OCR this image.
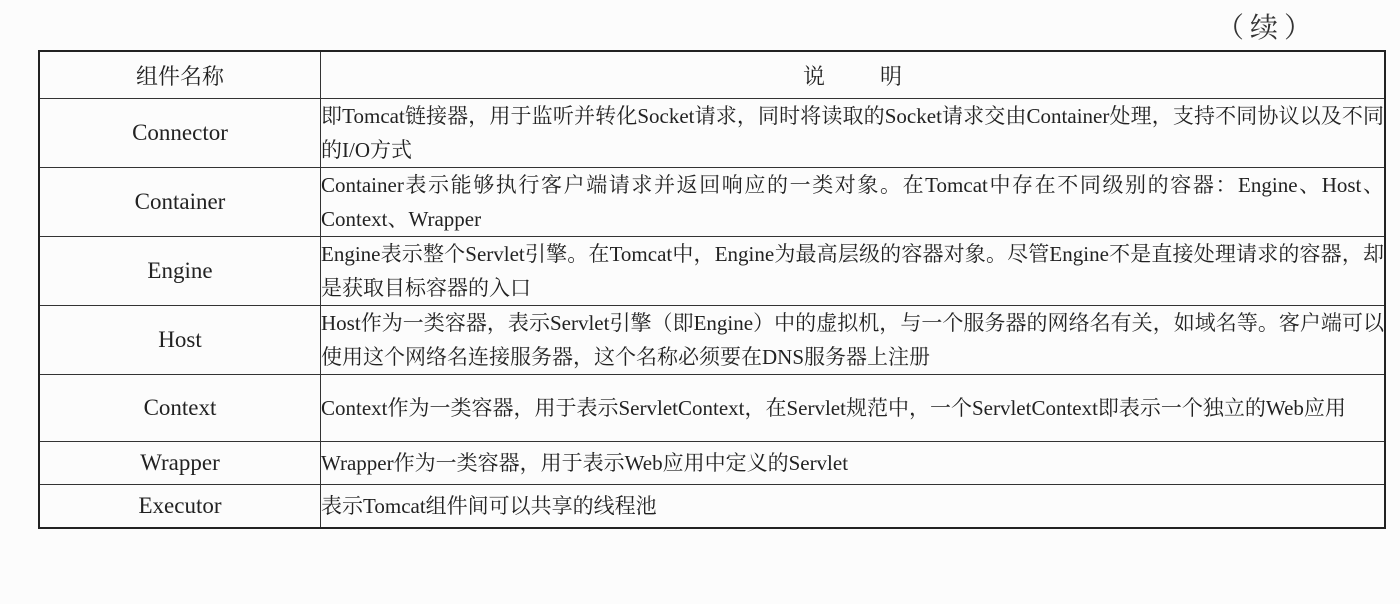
（续）
组件名称	说 明
Connector	即Tomcat链接器，用于监听并转化Socket请求，同时将读取的Socket请求交由Container处理，支持不同协议以及不同的I/O方式
Container	Container表示能够执行客户端请求并返回响应的一类对象。在Tomcat中存在不同级别的容器：Engine、Host、Context、Wrapper
Engine	Engine表示整个Servlet引擎。在Tomcat中，Engine为最高层级的容器对象。尽管Engine不是直接处理请求的容器，却是获取目标容器的入口
Host	Host作为一类容器，表示Servlet引擎（即Engine）中的虚拟机，与一个服务器的网络名有关，如域名等。客户端可以使用这个网络名连接服务器，这个名称必须要在DNS服务器上注册
Context	Context作为一类容器，用于表示ServletContext，在Servlet规范中，一个ServletContext即表示一个独立的Web应用
Wrapper	Wrapper作为一类容器，用于表示Web应用中定义的Servlet
Executor	表示Tomcat组件间可以共享的线程池
